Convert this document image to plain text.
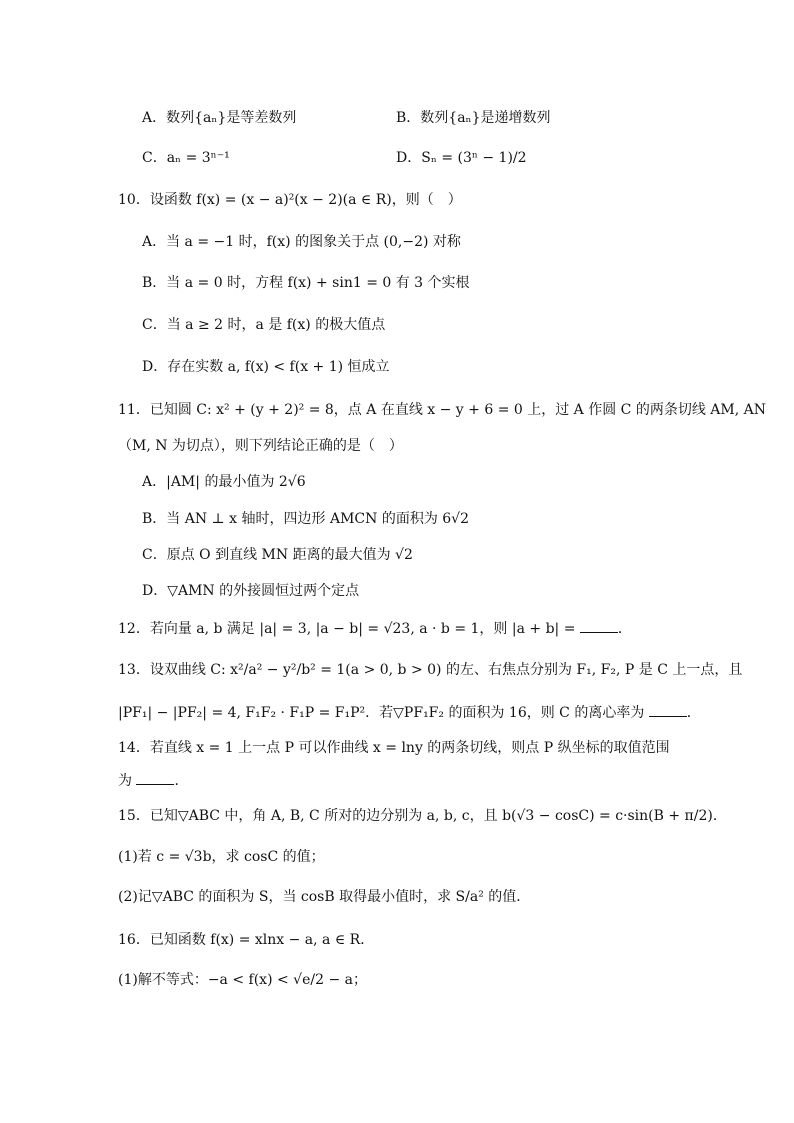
A．数列{aₙ}是等差数列	B．数列{aₙ}是递增数列
C．aₙ = 3ⁿ⁻¹	D．Sₙ = (3ⁿ − 1)/2
10．设函数 f(x) = (x − a)²(x − 2)(a ∈ R)，则（　）
A．当 a = −1 时，f(x) 的图象关于点 (0,−2) 对称
B．当 a = 0 时，方程 f(x) + sin1 = 0 有 3 个实根
C．当 a ≥ 2 时，a 是 f(x) 的极大值点
D．存在实数 a, f(x) < f(x + 1) 恒成立
11．已知圆 C: x² + (y + 2)² = 8，点 A 在直线 x − y + 6 = 0 上，过 A 作圆 C 的两条切线 AM, AN
（M, N 为切点），则下列结论正确的是（　）
A．|AM| 的最小值为 2√6
B．当 AN ⊥ x 轴时，四边形 AMCN 的面积为 6√2
C．原点 O 到直线 MN 距离的最大值为 √2
D．▽AMN 的外接圆恒过两个定点
12．若向量 a, b 满足 |a| = 3, |a − b| = √23, a · b = 1，则 |a + b| =	．
13．设双曲线 C: x²/a² − y²/b² = 1(a > 0, b > 0) 的左、右焦点分别为 F₁, F₂, P 是 C 上一点，且
|PF₁| − |PF₂| = 4, F₁F₂ · F₁P = F₁P²．若▽PF₁F₂ 的面积为 16，则 C 的离心率为	．
14．若直线 x = 1 上一点 P 可以作曲线 x = lny 的两条切线，则点 P 纵坐标的取值范围
为	．
15．已知▽ABC 中，角 A, B, C 所对的边分别为 a, b, c，且 b(√3 − cosC) = c·sin(B + π/2)．
(1)若 c = √3b，求 cosC 的值；
(2)记▽ABC 的面积为 S，当 cosB 取得最小值时，求 S/a² 的值．
16．已知函数 f(x) = xlnx − a, a ∈ R．
(1)解不等式：−a < f(x) < √e/2 − a；
